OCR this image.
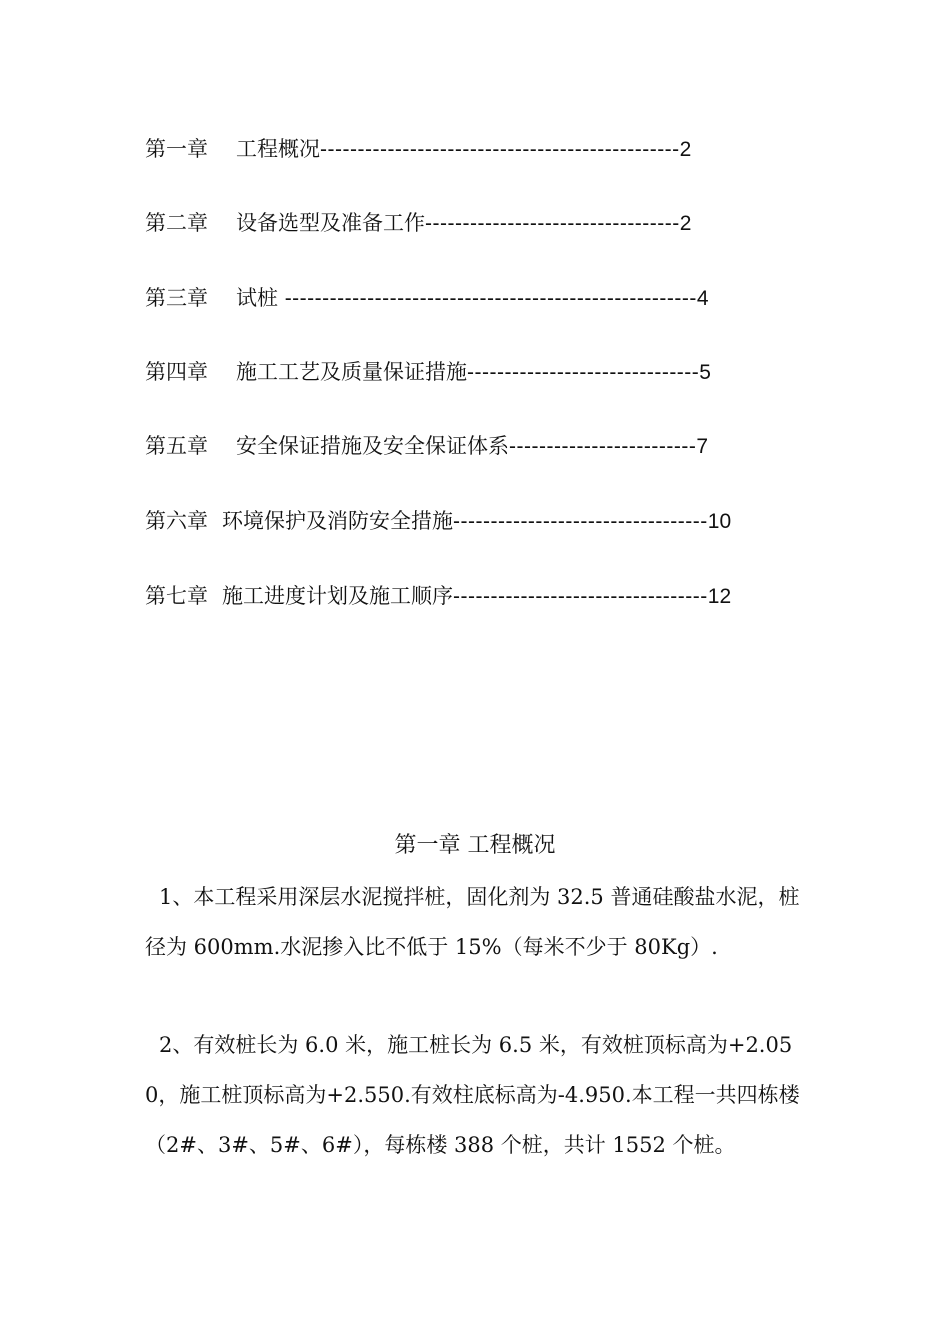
第一章 工程概况------------------------------------------------2
第二章 设备选型及准备工作----------------------------------2
第三章 试桩 -------------------------------------------------------4
第四章 施工工艺及质量保证措施-------------------------------5
第五章 安全保证措施及安全保证体系-------------------------7
第六章 环境保护及消防安全措施----------------------------------10
第七章 施工进度计划及施工顺序----------------------------------12
第一章 工程概况
1、本工程采用深层水泥搅拌桩，固化剂为 32.5 普通硅酸盐水泥，桩径为 600mm.水泥掺入比不低于 15%（每米不少于 80Kg）.
2、有效桩长为 6.0 米，施工桩长为 6.5 米，有效桩顶标高为+2.050，施工桩顶标高为+2.550.有效柱底标高为-4.950.本工程一共四栋楼（2#、3#、5#、6#），每栋楼 388 个桩，共计 1552 个桩。
